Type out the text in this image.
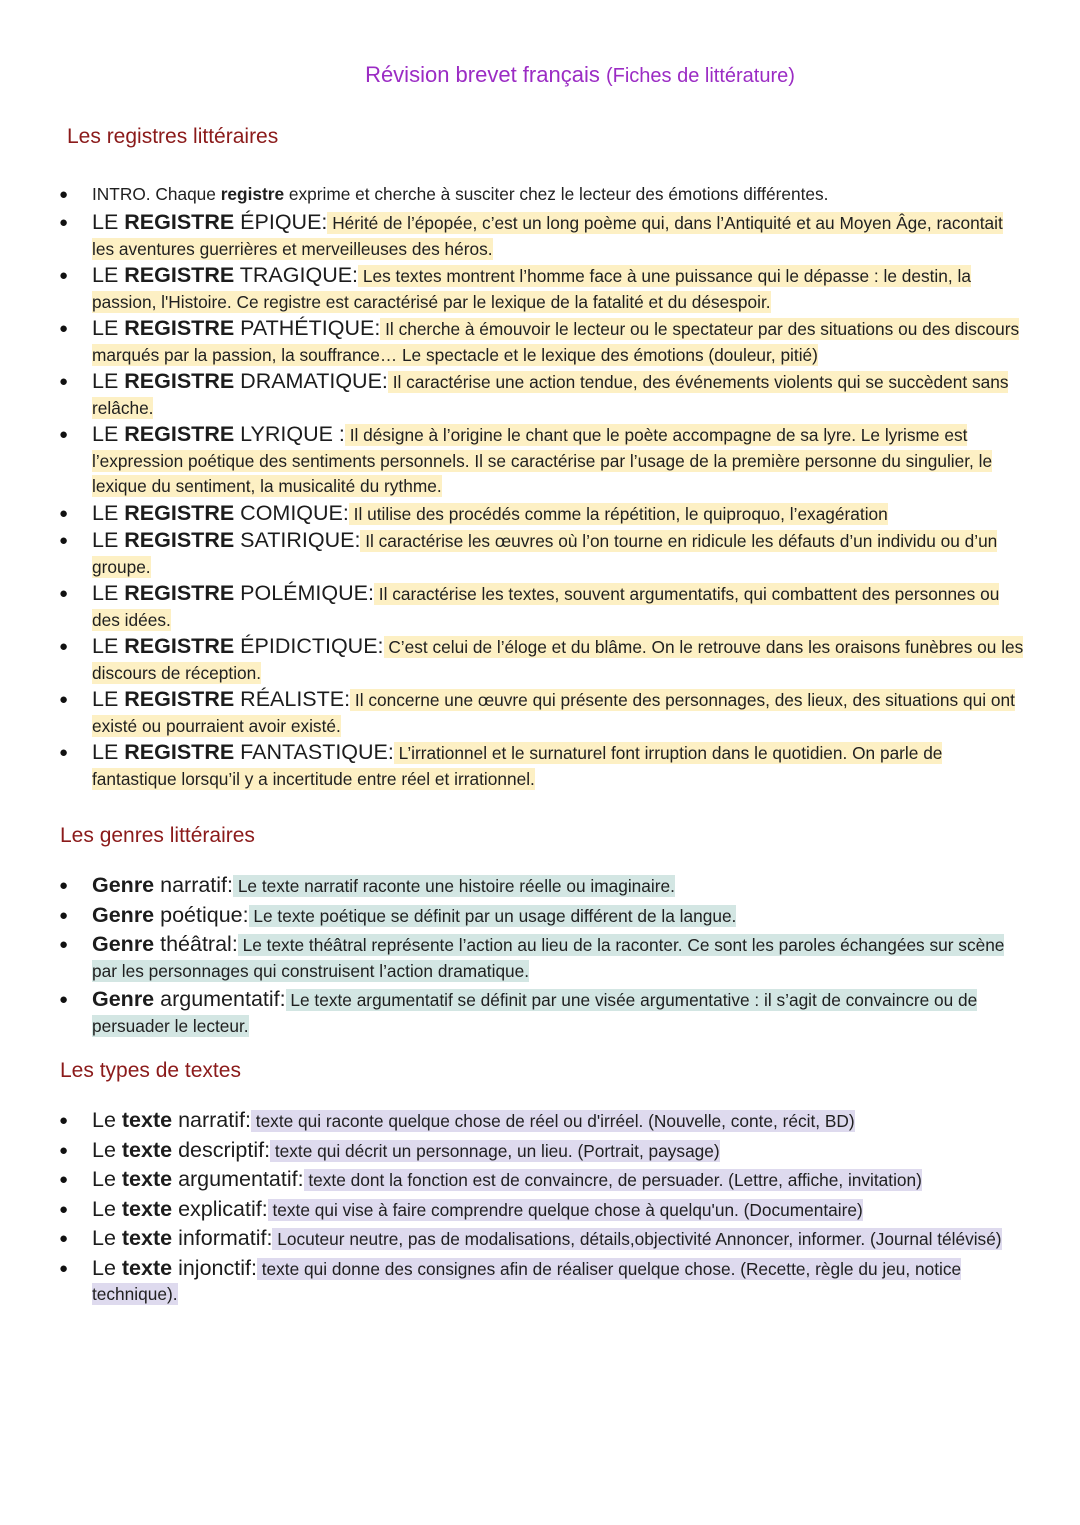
Révision brevet français (Fiches de littérature)
Les registres littéraires
● INTRO. Chaque registre exprime et cherche à susciter chez le lecteur des émotions différentes.
● LE REGISTRE ÉPIQUE: Hérité de l’épopée, c’est un long poème qui, dans l’Antiquité et au Moyen Âge, racontait les aventures guerrières et merveilleuses des héros.
● LE REGISTRE TRAGIQUE: Les textes montrent l’homme face à une puissance qui le dépasse : le destin, la passion, l'Histoire. Ce registre est caractérisé par le lexique de la fatalité et du désespoir.
● LE REGISTRE PATHÉTIQUE: Il cherche à émouvoir le lecteur ou le spectateur par des situations ou des discours marqués par la passion, la souffrance… Le spectacle et le lexique des émotions (douleur, pitié)
● LE REGISTRE DRAMATIQUE: Il caractérise une action tendue, des événements violents qui se succèdent sans relâche.
● LE REGISTRE LYRIQUE : Il désigne à l’origine le chant que le poète accompagne de sa lyre. Le lyrisme est l’expression poétique des sentiments personnels. Il se caractérise par l’usage de la première personne du singulier, le lexique du sentiment, la musicalité du rythme.
● LE REGISTRE COMIQUE: Il utilise des procédés comme la répétition, le quiproquo, l’exagération
● LE REGISTRE SATIRIQUE: Il caractérise les œuvres où l’on tourne en ridicule les défauts d’un individu ou d’un groupe.
● LE REGISTRE POLÉMIQUE: Il caractérise les textes, souvent argumentatifs, qui combattent des personnes ou des idées.
● LE REGISTRE ÉPIDICTIQUE: C’est celui de l’éloge et du blâme. On le retrouve dans les oraisons funèbres ou les discours de réception.
● LE REGISTRE RÉALISTE: Il concerne une œuvre qui présente des personnages, des lieux, des situations qui ont existé ou pourraient avoir existé.
● LE REGISTRE FANTASTIQUE: L’irrationnel et le surnaturel font irruption dans le quotidien. On parle de fantastique lorsqu’il y a incertitude entre réel et irrationnel.
Les genres littéraires
● Genre narratif: Le texte narratif raconte une histoire réelle ou imaginaire.
● Genre poétique: Le texte poétique se définit par un usage différent de la langue.
● Genre théâtral: Le texte théâtral représente l’action au lieu de la raconter. Ce sont les paroles échangées sur scène par les personnages qui construisent l’action dramatique.
● Genre argumentatif: Le texte argumentatif se définit par une visée argumentative : il s’agit de convaincre ou de persuader le lecteur.
Les types de textes
● Le texte narratif: texte qui raconte quelque chose de réel ou d'irréel. (Nouvelle, conte, récit, BD)
● Le texte descriptif: texte qui décrit un personnage, un lieu. (Portrait, paysage)
● Le texte argumentatif: texte dont la fonction est de convaincre, de persuader. (Lettre, affiche, invitation)
● Le texte explicatif: texte qui vise à faire comprendre quelque chose à quelqu'un. (Documentaire)
● Le texte informatif: Locuteur neutre, pas de modalisations, détails,objectivité Annoncer, informer. (Journal télévisé)
● Le texte injonctif: texte qui donne des consignes afin de réaliser quelque chose. (Recette, règle du jeu, notice technique).
